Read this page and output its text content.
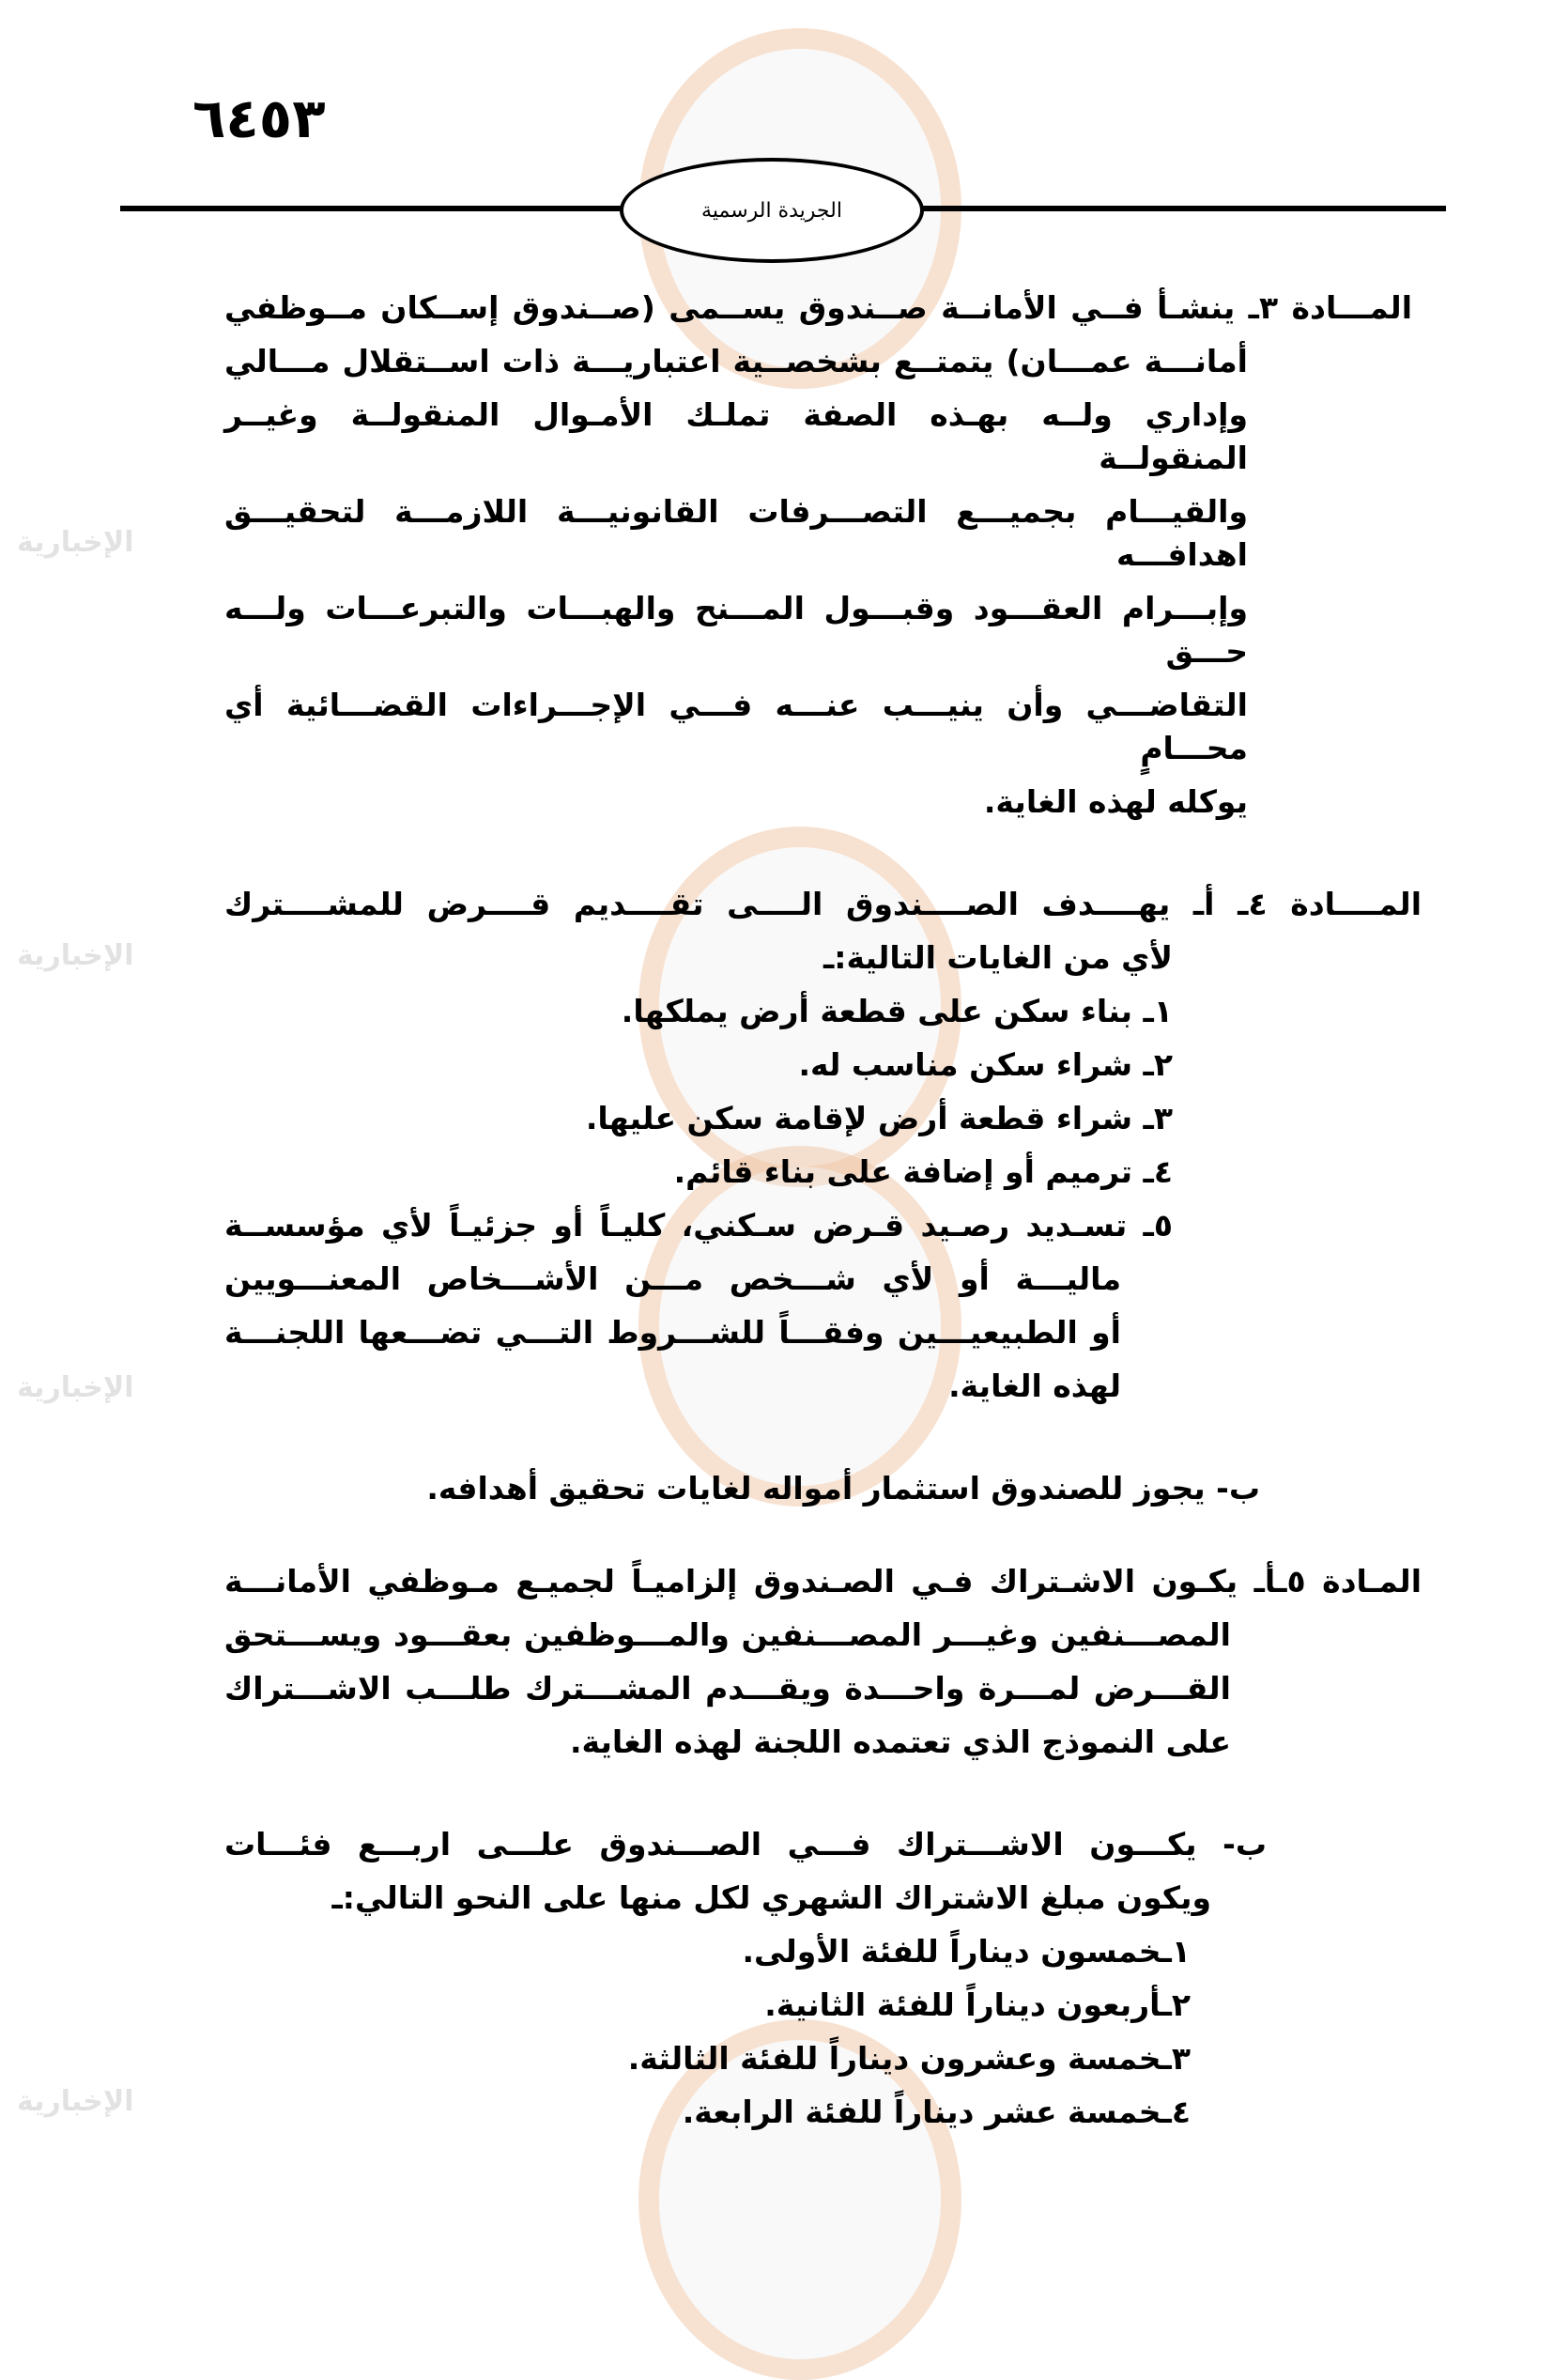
الإخبارية
الإخبارية
الإخبارية
الإخبارية
٦٤٥٣
الجريدة الرسمية
المـــادة ٣ـ ينشـأ فــي الأمانــة صــندوق يســمى (صــندوق إســكان مــوظفي
أمانـــة عمـــان) يتمتــع بشخصــية اعتباريـــة ذات اســتقلال مـــالي
وإداري ولــه بهـذه الصفة تملـك الأمـوال المنقولــة وغيــر المنقولــة
والقيـــام بجميـــع التصـــرفات القانونيـــة اللازمـــة لتحقيـــق اهدافـــه
وإبـــرام العقـــود وقبـــول المـــنح والهبـــات والتبرعـــات ولـــه حـــق
التقاضـــي وأن ينيـــب عنـــه فـــي الإجـــراءات القضـــائية أي محـــامٍ
يوكله لهذه الغاية.
المــــادة ٤ـ أـ يهــــدف الصــــندوق الــــى تقــــديم قــــرض للمشــــترك
لأي من الغايات التالية:ـ
١ـ بناء سكن على قطعة أرض يملكها.
٢ـ شراء سكن مناسب له.
٣ـ شراء قطعة أرض لإقامة سكن عليها.
٤ـ ترميم أو إضافة على بناء قائم.
٥ـ تسـديد رصـيد قـرض سـكني، كليـاً أو جزئيـاً لأي مؤسســة
ماليـــة أو لأي شـــخص مـــن الأشـــخاص المعنـــويين
أو الطبيعيـــين وفقـــاً للشـــروط التـــي تضـــعها اللجنـــة
لهذه الغاية.
ب- يجوز للصندوق استثمار أمواله لغايات تحقيق أهدافه.
المـادة ٥ـأـ يكـون الاشـتراك فـي الصـندوق إلزاميـاً لجميـع مـوظفي الأمانـــة
المصـــنفين وغيـــر المصـــنفين والمـــوظفين بعقـــود ويســـتحق
القـــرض لمـــرة واحـــدة ويقـــدم المشـــترك طلـــب الاشـــتراك
على النموذج الذي تعتمده اللجنة لهذه الغاية.
ب- يكـــون الاشـــتراك فـــي الصـــندوق علـــى اربـــع فئـــات
ويكون مبلغ الاشتراك الشهري لكل منها على النحو التالي:ـ
١ـخمسون ديناراً للفئة الأولى.
٢ـأربعون ديناراً للفئة الثانية.
٣ـخمسة وعشرون ديناراً للفئة الثالثة.
٤ـخمسة عشر ديناراً للفئة الرابعة.
